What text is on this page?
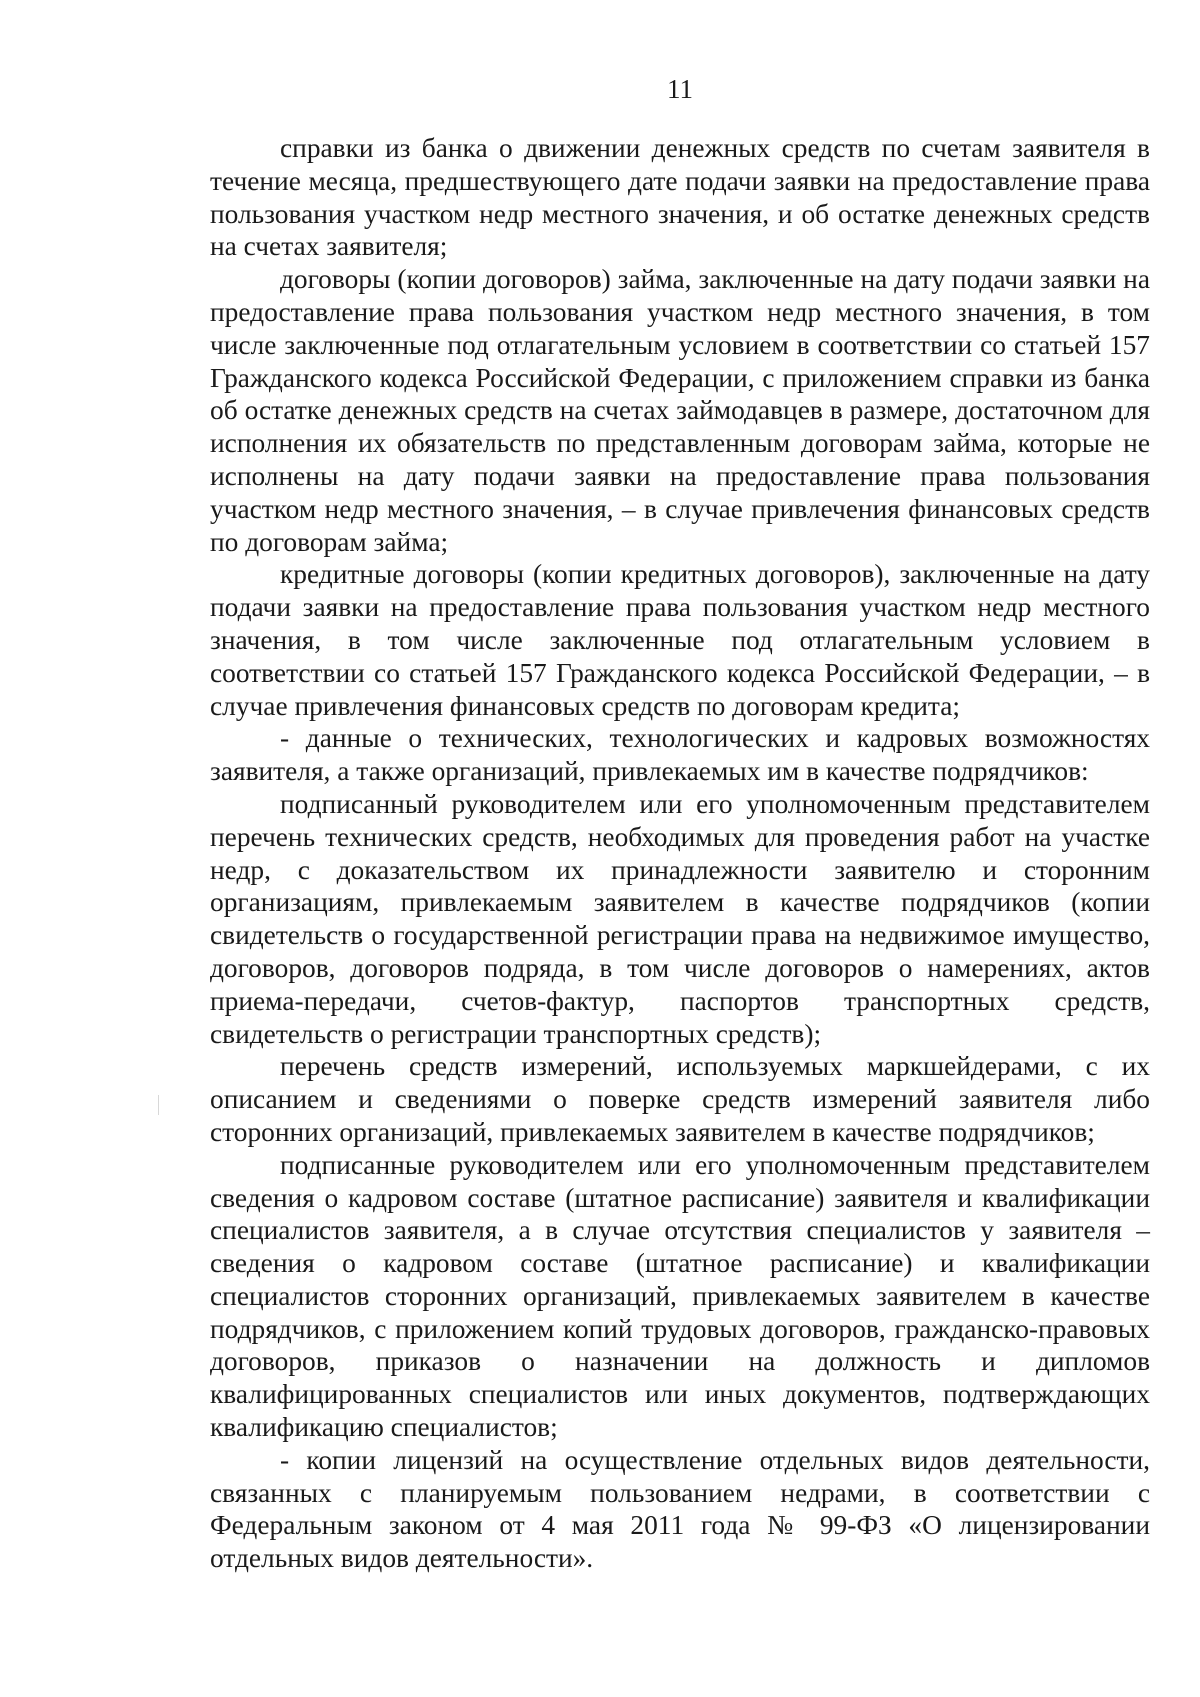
11

справки из банка о движении денежных средств по счетам заявителя в течение месяца, предшествующего дате подачи заявки на предоставление права пользования участком недр местного значения, и об остатке денежных средств на счетах заявителя;

договоры (копии договоров) займа, заключенные на дату подачи заявки на предоставление права пользования участком недр местного значения, в том числе заключенные под отлагательным условием в соответствии со статьей 157 Гражданского кодекса Российской Федерации, с приложением справки из банка об остатке денежных средств на счетах займодавцев в размере, достаточном для исполнения их обязательств по представленным договорам займа, которые не исполнены на дату подачи заявки на предоставление права пользования участком недр местного значения, – в случае привлечения финансовых средств по договорам займа;

кредитные договоры (копии кредитных договоров), заключенные на дату подачи заявки на предоставление права пользования участком недр местного значения, в том числе заключенные под отлагательным условием в соответствии со статьей 157 Гражданского кодекса Российской Федерации, – в случае привлечения финансовых средств по договорам кредита;

- данные о технических, технологических и кадровых возможностях заявителя, а также организаций, привлекаемых им в качестве подрядчиков:

подписанный руководителем или его уполномоченным представителем перечень технических средств, необходимых для проведения работ на участке недр, с доказательством их принадлежности заявителю и сторонним организациям, привлекаемым заявителем в качестве подрядчиков (копии свидетельств о государственной регистрации права на недвижимое имущество, договоров, договоров подряда, в том числе договоров о намерениях, актов приема-передачи, счетов-фактур, паспортов транспортных средств, свидетельств о регистрации транспортных средств);

перечень средств измерений, используемых маркшейдерами, с их описанием и сведениями о поверке средств измерений заявителя либо сторонних организаций, привлекаемых заявителем в качестве подрядчиков;

подписанные руководителем или его уполномоченным представителем сведения о кадровом составе (штатное расписание) заявителя и квалификации специалистов заявителя, а в случае отсутствия специалистов у заявителя – сведения о кадровом составе (штатное расписание) и квалификации специалистов сторонних организаций, привлекаемых заявителем в качестве подрядчиков, с приложением копий трудовых договоров, гражданско-правовых договоров, приказов о назначении на должность и дипломов квалифицированных специалистов или иных документов, подтверждающих квалификацию специалистов;

- копии лицензий на осуществление отдельных видов деятельности, связанных с планируемым пользованием недрами, в соответствии с Федеральным законом от 4 мая 2011 года № 99-ФЗ «О лицензировании отдельных видов деятельности».
